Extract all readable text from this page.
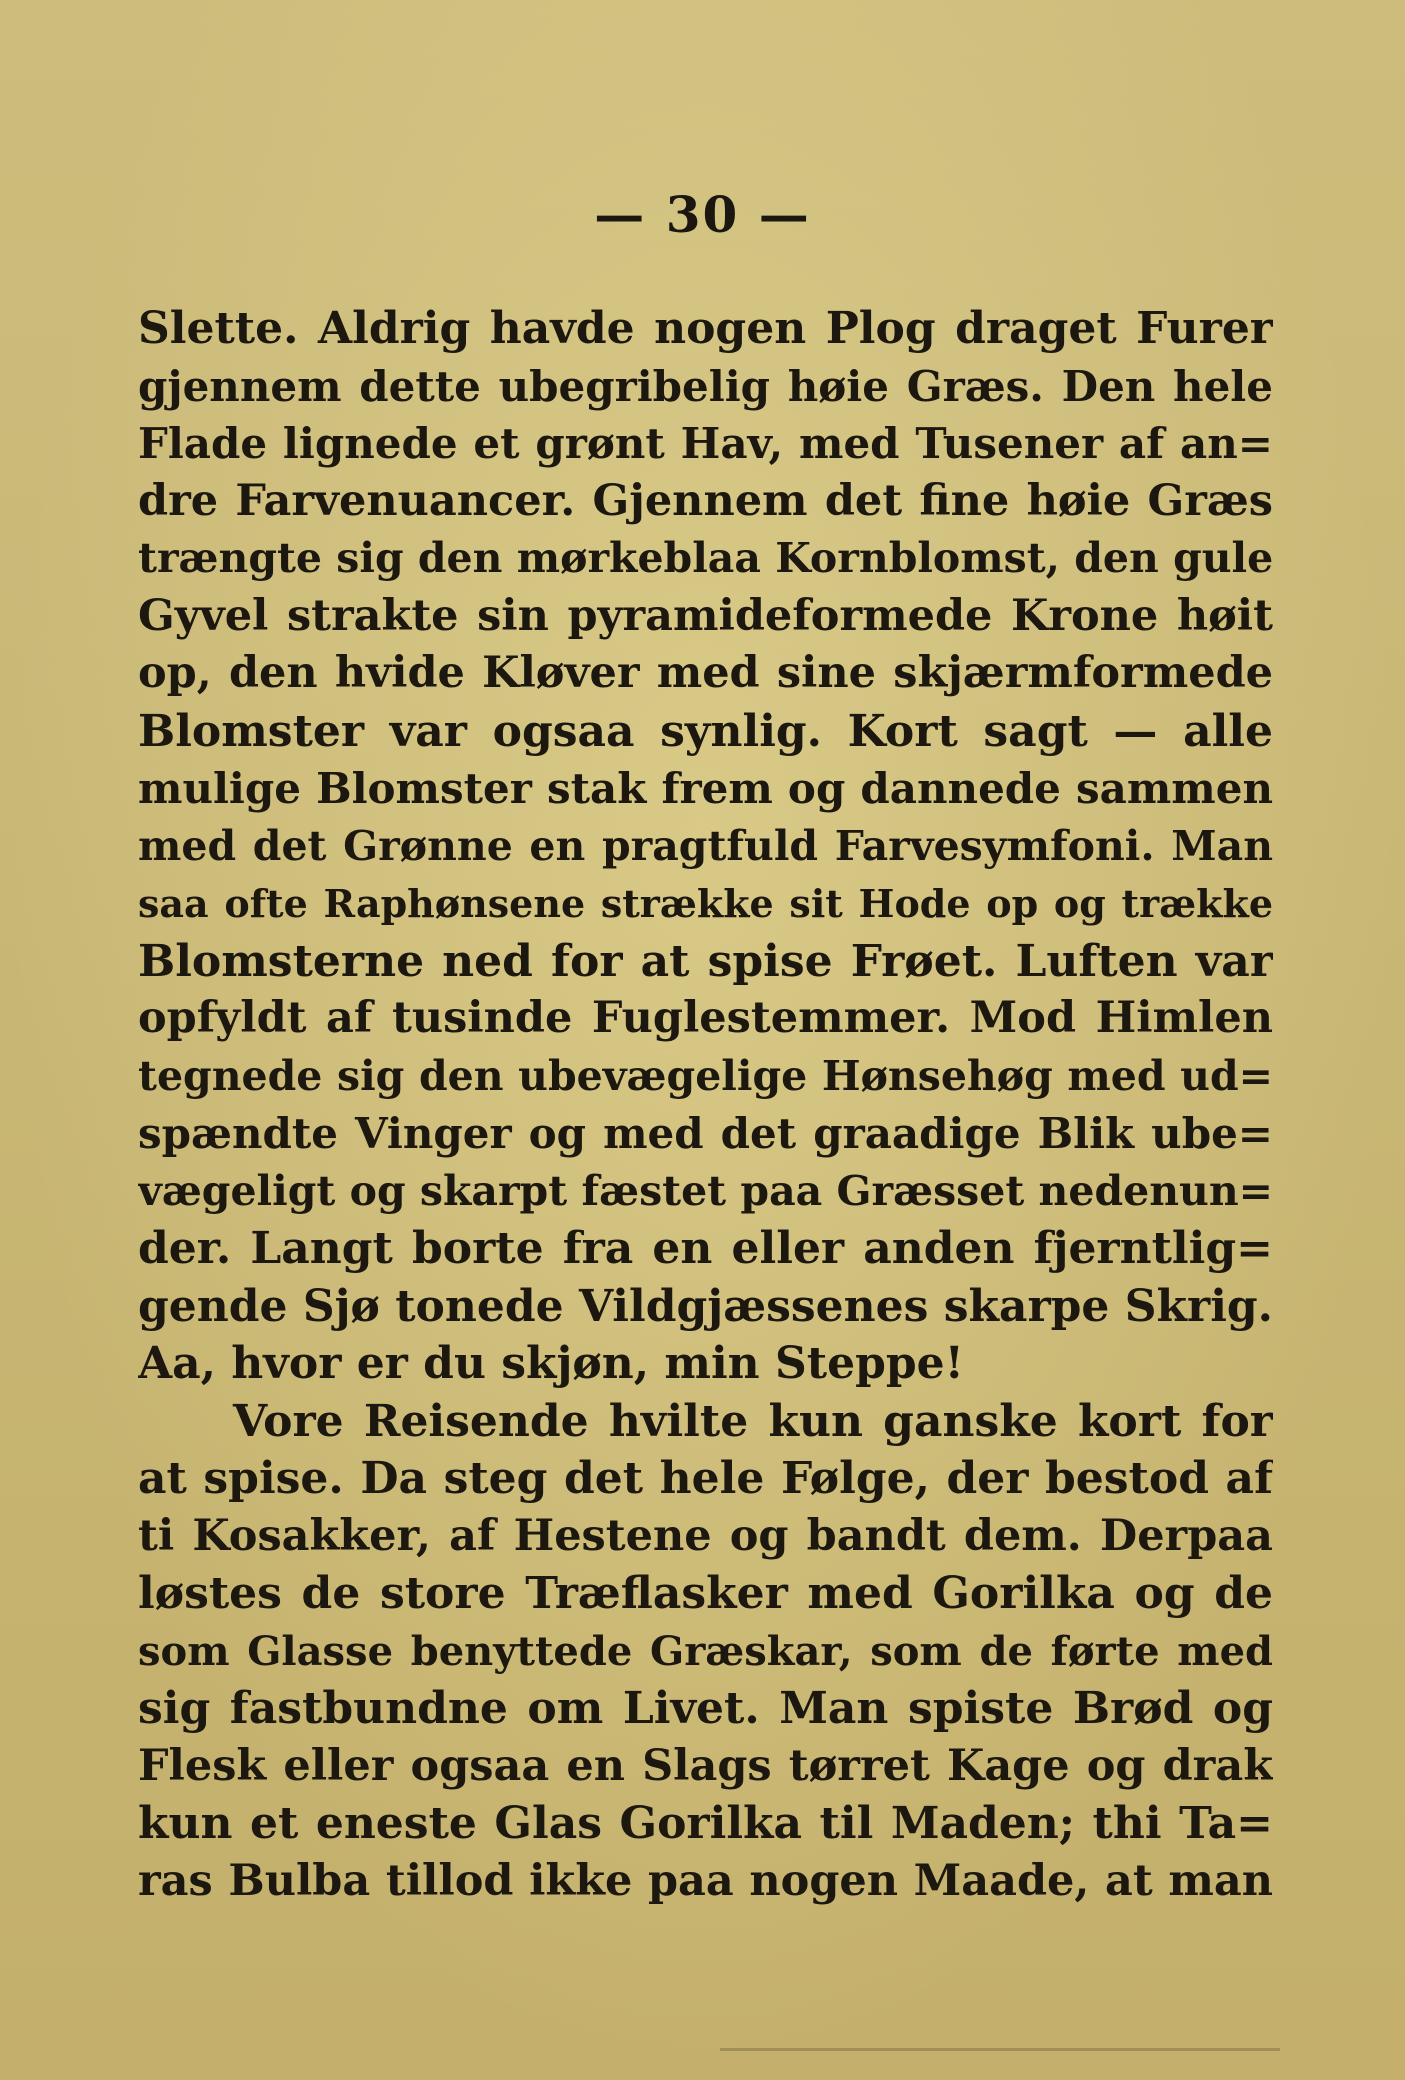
— 30 —
Slette. Aldrig havde nogen Plog draget Furer
gjennem dette ubegribelig høie Græs. Den hele
Flade lignede et grønt Hav, med Tusener af an=
dre Farvenuancer. Gjennem det fine høie Græs
trængte sig den mørkeblaa Kornblomst, den gule
Gyvel strakte sin pyramideformede Krone høit
op, den hvide Kløver med sine skjærmformede
Blomster var ogsaa synlig. Kort sagt — alle
mulige Blomster stak frem og dannede sammen
med det Grønne en pragtfuld Farvesymfoni. Man
saa ofte Raphønsene strække sit Hode op og trække
Blomsterne ned for at spise Frøet. Luften var
opfyldt af tusinde Fuglestemmer. Mod Himlen
tegnede sig den ubevægelige Hønsehøg med ud=
spændte Vinger og med det graadige Blik ube=
vægeligt og skarpt fæstet paa Græsset nedenun=
der. Langt borte fra en eller anden fjerntlig=
gende Sjø tonede Vildgjæssenes skarpe Skrig.
Aa, hvor er du skjøn, min Steppe!
Vore Reisende hvilte kun ganske kort for
at spise. Da steg det hele Følge, der bestod af
ti Kosakker, af Hestene og bandt dem. Derpaa
løstes de store Træflasker med Gorilka og de
som Glasse benyttede Græskar, som de førte med
sig fastbundne om Livet. Man spiste Brød og
Flesk eller ogsaa en Slags tørret Kage og drak
kun et eneste Glas Gorilka til Maden; thi Ta=
ras Bulba tillod ikke paa nogen Maade, at man
